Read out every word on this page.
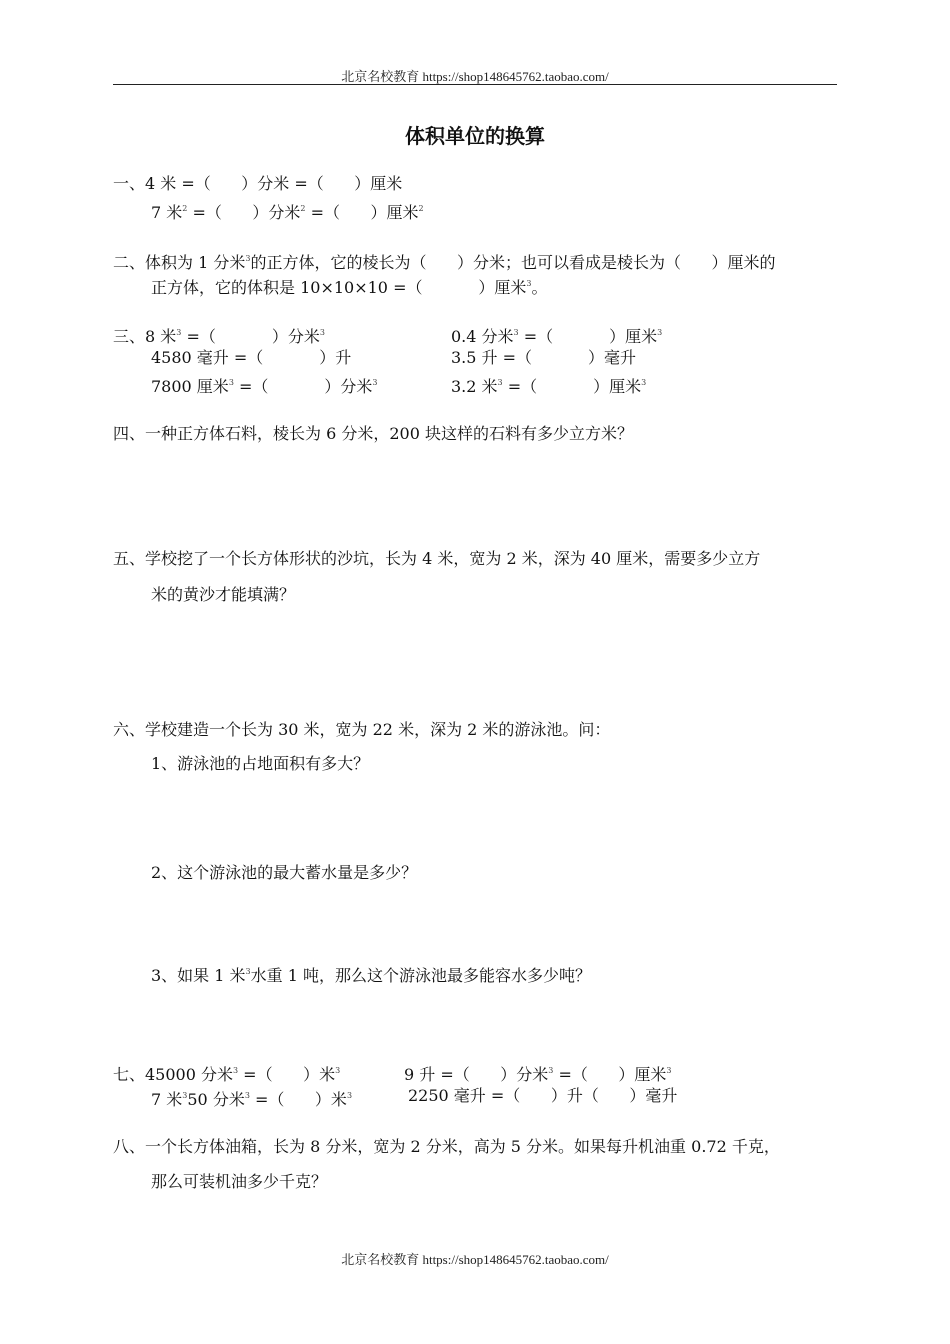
北京名校教育 https://shop148645762.taobao.com/
体积单位的换算
一、4 米 =（      ）分米 =（      ）厘米
7 米$^2$ =（      ）分米$^2$ =（      ）厘米$^2$
二、体积为 1 分米$^3$的正方体，它的棱长为（      ）分米；也可以看成是棱长为（      ）厘米的
正方体，它的体积是 10×10×10 =（           ）厘米$^3$。
三、8 米$^3$ =（           ）分米$^3$	0.4 分米$^3$ =（           ）厘米$^3$
4580 毫升 =（           ）升	3.5 升 =（           ）毫升
7800 厘米$^3$ =（           ）分米$^3$	3.2 米$^3$ =（           ）厘米$^3$
四、一种正方体石料，棱长为 6 分米，200 块这样的石料有多少立方米？
五、学校挖了一个长方体形状的沙坑，长为 4 米，宽为 2 米，深为 40 厘米，需要多少立方
米的黄沙才能填满？
六、学校建造一个长为 30 米，宽为 22 米，深为 2 米的游泳池。问：
1、游泳池的占地面积有多大？
2、这个游泳池的最大蓄水量是多少？
3、如果 1 米$^3$水重 1 吨，那么这个游泳池最多能容水多少吨？
七、45000 分米$^3$ =（      ）米$^3$	9 升 =（      ）分米$^3$ =（      ）厘米$^3$
7 米$^3$50 分米$^3$ =（      ）米$^3$	2250 毫升 =（      ）升（      ）毫升
八、一个长方体油箱，长为 8 分米，宽为 2 分米，高为 5 分米。如果每升机油重 0.72 千克，
那么可装机油多少千克？
北京名校教育 https://shop148645762.taobao.com/
